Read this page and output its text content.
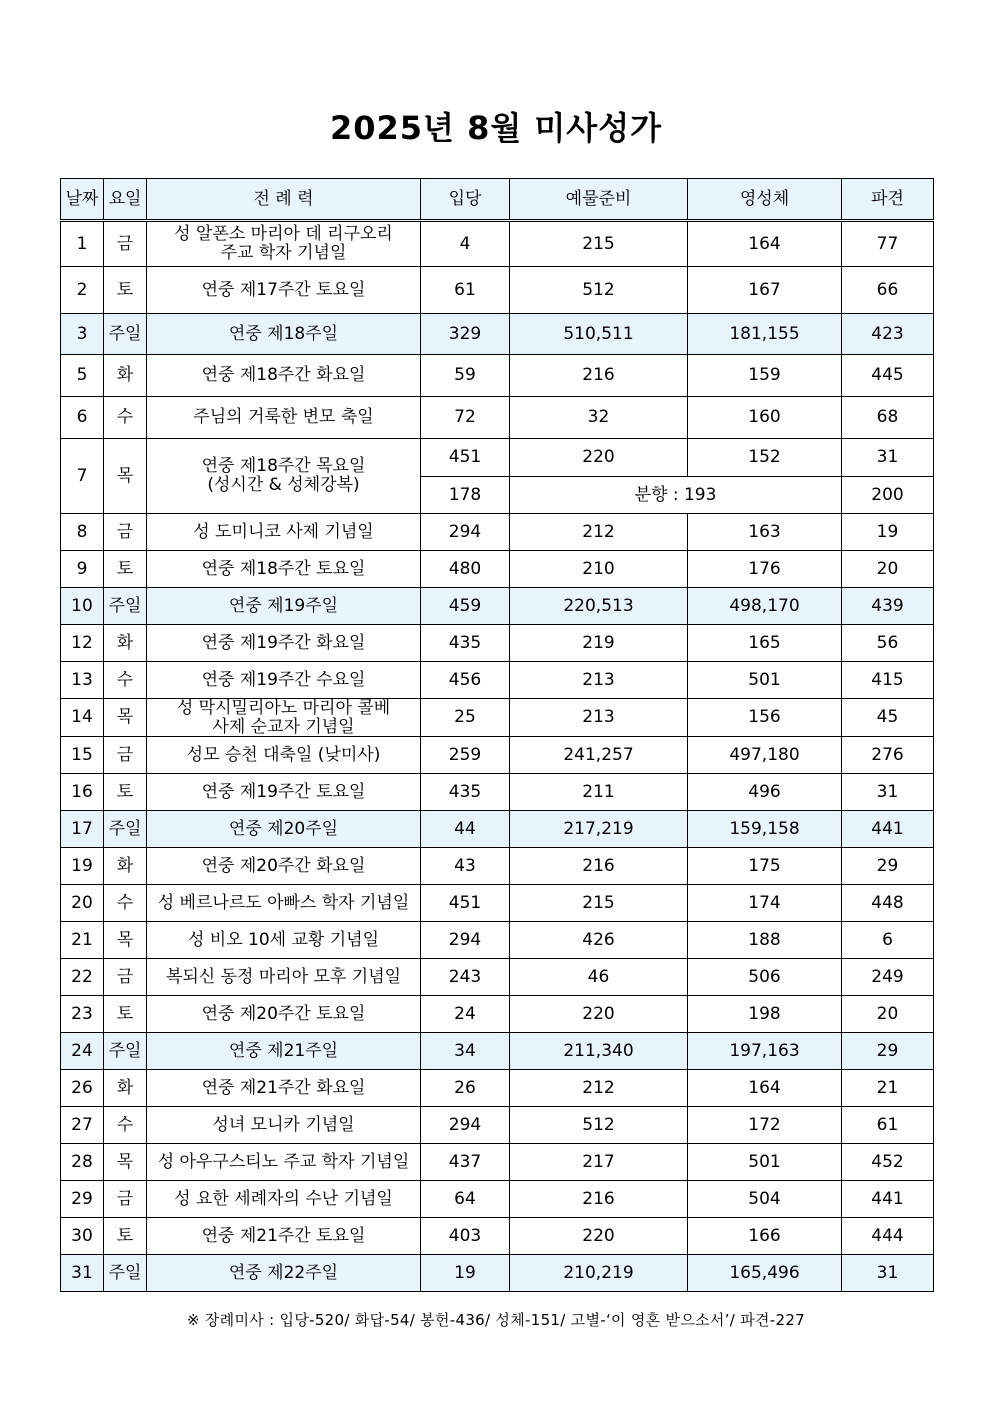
2025년 8월 미사성가
날짜	요일	전 례 력	입당	예물준비	영성체	파견
1	금	성 알폰소 마리아 데 리구오리
주교 학자 기념일	4	215	164	77
2	토	연중 제17주간 토요일	61	512	167	66
3	주일	연중 제18주일	329	510,511	181,155	423
5	화	연중 제18주간 화요일	59	216	159	445
6	수	주님의 거룩한 변모 축일	72	32	160	68
7	목	연중 제18주간 목요일
(성시간 & 성체강복)	451	220	152	31
			178	분향 : 193		200
8	금	성 도미니코 사제 기념일	294	212	163	19
9	토	연중 제18주간 토요일	480	210	176	20
10	주일	연중 제19주일	459	220,513	498,170	439
12	화	연중 제19주간 화요일	435	219	165	56
13	수	연중 제19주간 수요일	456	213	501	415
14	목	성 막시밀리아노 마리아 콜베
사제 순교자 기념일	25	213	156	45
15	금	성모 승천 대축일 (낮미사)	259	241,257	497,180	276
16	토	연중 제19주간 토요일	435	211	496	31
17	주일	연중 제20주일	44	217,219	159,158	441
19	화	연중 제20주간 화요일	43	216	175	29
20	수	성 베르나르도 아빠스 학자 기념일	451	215	174	448
21	목	성 비오 10세 교황 기념일	294	426	188	6
22	금	복되신 동정 마리아 모후 기념일	243	46	506	249
23	토	연중 제20주간 토요일	24	220	198	20
24	주일	연중 제21주일	34	211,340	197,163	29
26	화	연중 제21주간 화요일	26	212	164	21
27	수	성녀 모니카 기념일	294	512	172	61
28	목	성 아우구스티노 주교 학자 기념일	437	217	501	452
29	금	성 요한 세례자의 수난 기념일	64	216	504	441
30	토	연중 제21주간 토요일	403	220	166	444
31	주일	연중 제22주일	19	210,219	165,496	31
※ 장례미사 : 입당-520/ 화답-54/ 봉헌-436/ 성체-151/ 고별-‘이 영혼 받으소서’/ 파견-227
